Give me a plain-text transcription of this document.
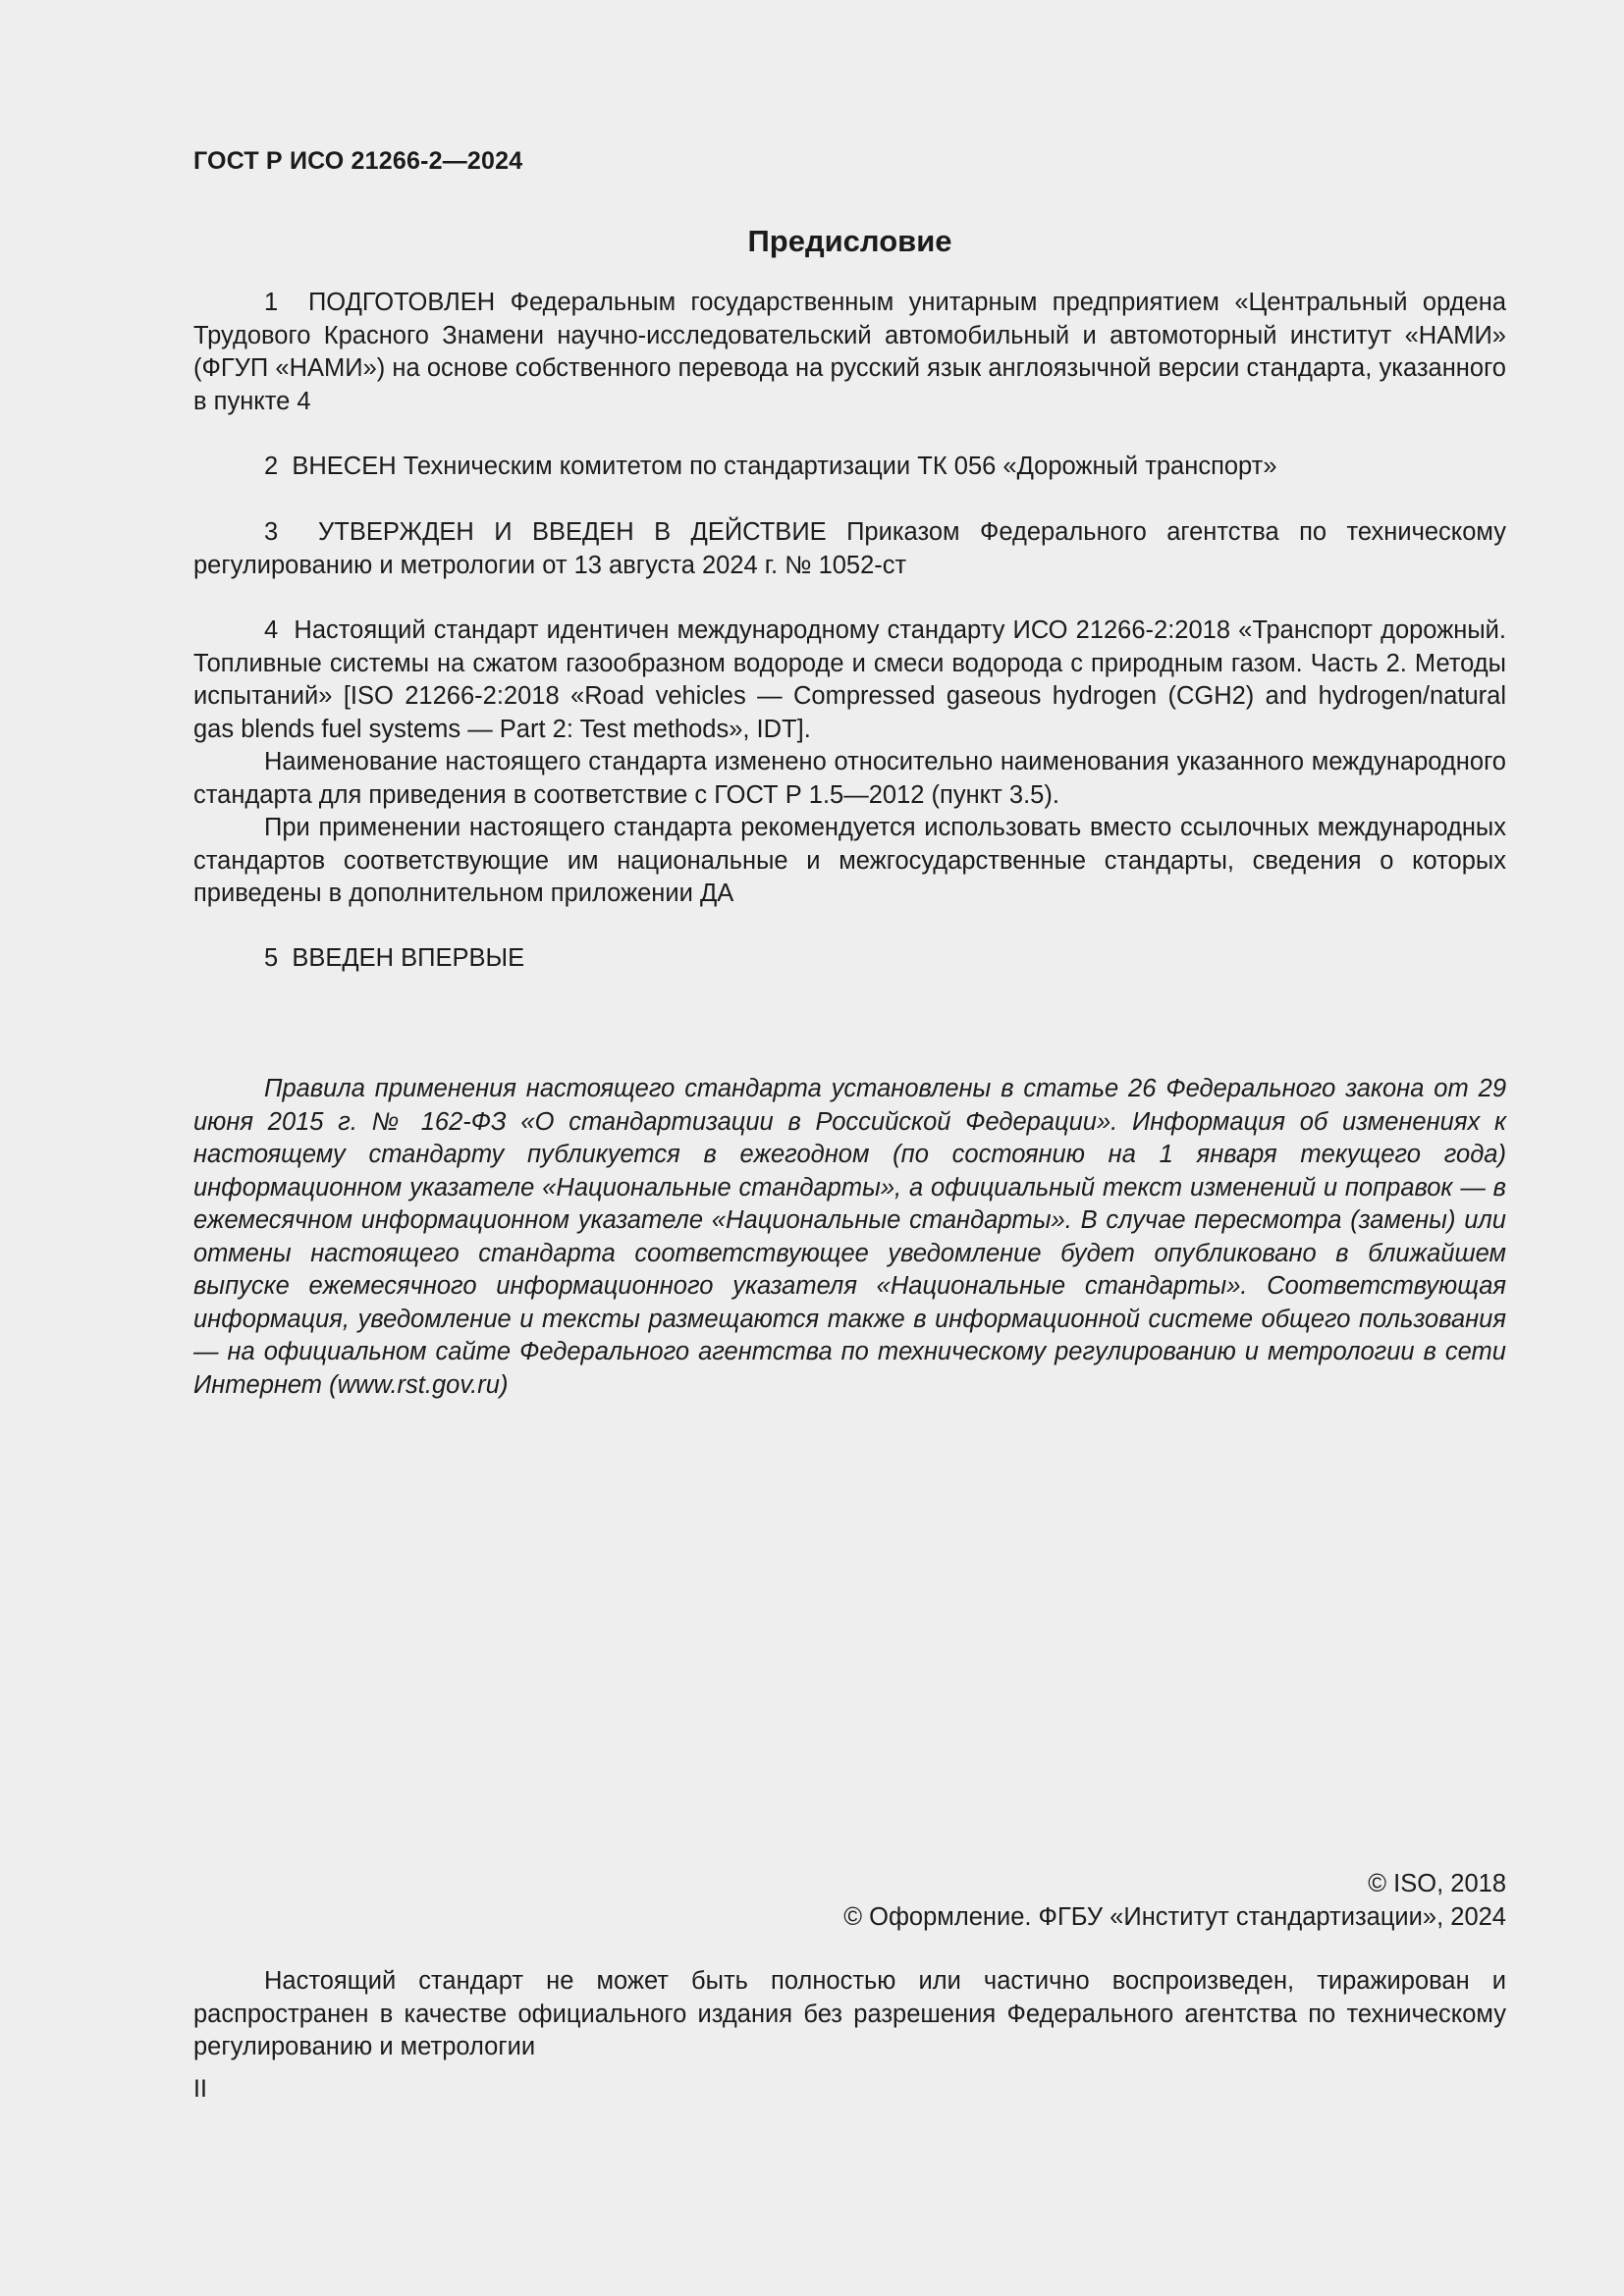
ГОСТ Р ИСО 21266-2—2024
Предисловие

1 ПОДГОТОВЛЕН Федеральным государственным унитарным предприятием «Центральный ордена Трудового Красного Знамени научно-исследовательский автомобильный и автомоторный институт «НАМИ» (ФГУП «НАМИ») на основе собственного перевода на русский язык англоязычной версии стандарта, указанного в пункте 4

2 ВНЕСЕН Техническим комитетом по стандартизации ТК 056 «Дорожный транспорт»

3 УТВЕРЖДЕН И ВВЕДЕН В ДЕЙСТВИЕ Приказом Федерального агентства по техническому регулированию и метрологии от 13 августа 2024 г. № 1052-ст

4 Настоящий стандарт идентичен международному стандарту ИСО 21266-2:2018 «Транспорт дорожный. Топливные системы на сжатом газообразном водороде и смеси водорода с природным газом. Часть 2. Методы испытаний» [ISO 21266-2:2018 «Road vehicles — Compressed gaseous hydrogen (CGH2) and hydrogen/natural gas blends fuel systems — Part 2: Test methods», IDT].

Наименование настоящего стандарта изменено относительно наименования указанного международного стандарта для приведения в соответствие с ГОСТ Р 1.5—2012 (пункт 3.5).

При применении настоящего стандарта рекомендуется использовать вместо ссылочных международных стандартов соответствующие им национальные и межгосударственные стандарты, сведения о которых приведены в дополнительном приложении ДА

5 ВВЕДЕН ВПЕРВЫЕ

Правила применения настоящего стандарта установлены в статье 26 Федерального закона от 29 июня 2015 г. № 162-ФЗ «О стандартизации в Российской Федерации». Информация об изменениях к настоящему стандарту публикуется в ежегодном (по состоянию на 1 января текущего года) информационном указателе «Национальные стандарты», а официальный текст изменений и поправок — в ежемесячном информационном указателе «Национальные стандарты». В случае пересмотра (замены) или отмены настоящего стандарта соответствующее уведомление будет опубликовано в ближайшем выпуске ежемесячного информационного указателя «Национальные стандарты». Соответствующая информация, уведомление и тексты размещаются также в информационной системе общего пользования — на официальном сайте Федерального агентства по техническому регулированию и метрологии в сети Интернет (www.rst.gov.ru)

© ISO, 2018
© Оформление. ФГБУ «Институт стандартизации», 2024

Настоящий стандарт не может быть полностью или частично воспроизведен, тиражирован и распространен в качестве официального издания без разрешения Федерального агентства по техническому регулированию и метрологии

II
